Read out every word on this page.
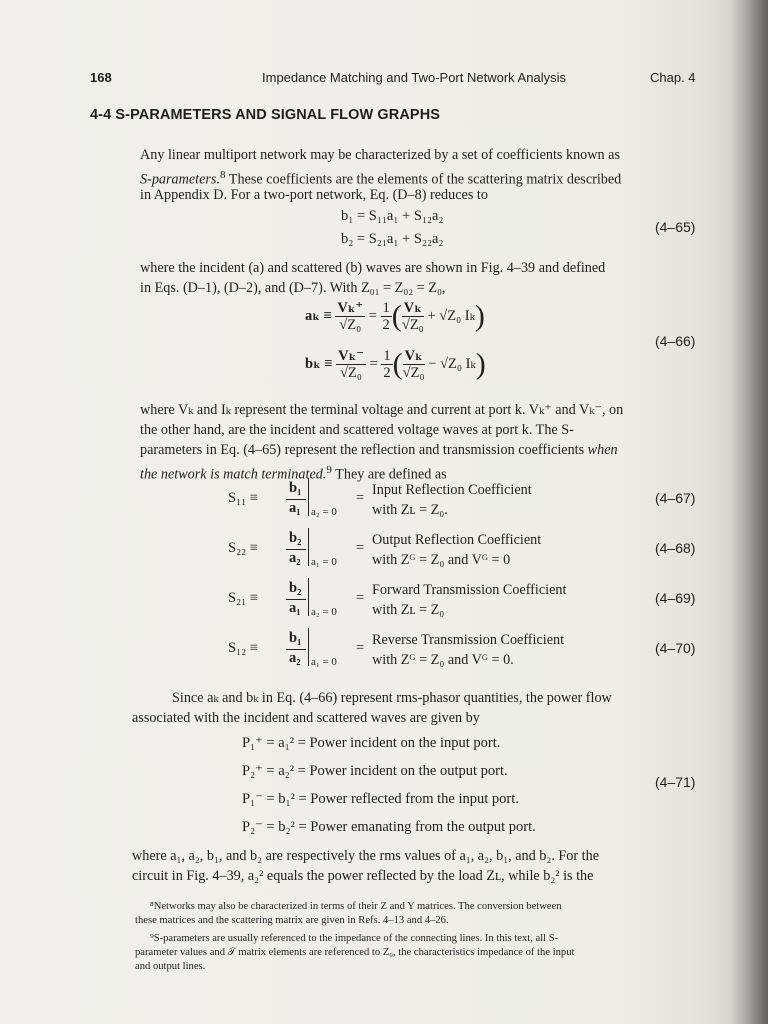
168	Impedance Matching and Two-Port Network Analysis	Chap. 4
4-4 S-PARAMETERS AND SIGNAL FLOW GRAPHS
Any linear multiport network may be characterized by a set of coefficients known as
S-parameters.$^8$ These coefficients are the elements of the scattering matrix described
in Appendix D. For a two-port network, Eq. (D–8) reduces to
b₁ = S₁₁a₁ + S₁₂a₂
b₂ = S₂₁a₁ + S₂₂a₂
(4–65)
where the incident (a) and scattered (b) waves are shown in Fig. 4–39 and defined
in Eqs. (D–1), (D–2), and (D–7). With Z₀₁ = Z₀₂ = Z₀,
$a_k \equiv \frac{\text{Vₖ⁺}}{\text{√Z₀}} = \frac{1}{2}$ ( $\frac{\text{Vₖ}}{\text{√Z₀}} + √Z_0$ Iₖ)
$b_k \equiv \frac{\text{Vₖ⁻}}{\text{√Z₀}} = \frac{1}{2}$ ( $\frac{\text{Vₖ}}{\text{√Z₀}} - √Z_0$ Iₖ)
(4–66)
where Vₖ and Iₖ represent the terminal voltage and current at port k. Vₖ⁺ and Vₖ⁻, on
the other hand, are the incident and scattered voltage waves at port k. The S-
parameters in Eq. (4–65) represent the reflection and transmission coefficients when
the network is match terminated.$^9$ They are defined as
S₁₁ ≡
b₁
a₁ a₂ = 0
= Input Reflection Coefficient
with Zʟ = Z₀.
(4–67)
S₂₂ ≡
b₂
a₂ a₁ = 0
= Output Reflection Coefficient
with Zᴳ = Z₀ and Vᴳ = 0
(4–68)
S₂₁ ≡
b₂
a₁ a₂ = 0
= Forward Transmission Coefficient
with Zʟ = Z₀
(4–69)
S₁₂ ≡
b₁
a₂ a₁ = 0
= Reverse Transmission Coefficient
with Zᴳ = Z₀ and Vᴳ = 0.
(4–70)
Since aₖ and bₖ in Eq. (4–66) represent rms-phasor quantities, the power flow
associated with the incident and scattered waves are given by
P₁⁺ = a₁² = Power incident on the input port.
P₂⁺ = a₂² = Power incident on the output port.
P₁⁻ = b₁² = Power reflected from the input port.
P₂⁻ = b₂² = Power emanating from the output port.
(4–71)
where a₁, a₂, b₁, and b₂ are respectively the rms values of a₁, a₂, b₁, and b₂. For the
circuit in Fig. 4–39, a₂² equals the power reflected by the load Zʟ, while b₂² is the
⁸Networks may also be characterized in terms of their Z and Y matrices. The conversion between
these matrices and the scattering matrix are given in Refs. 4–13 and 4–26.
⁹S-parameters are usually referenced to the impedance of the connecting lines. In this text, all S-
parameter values and 𝒯 matrix elements are referenced to Z₀, the characteristics impedance of the input
and output lines.
